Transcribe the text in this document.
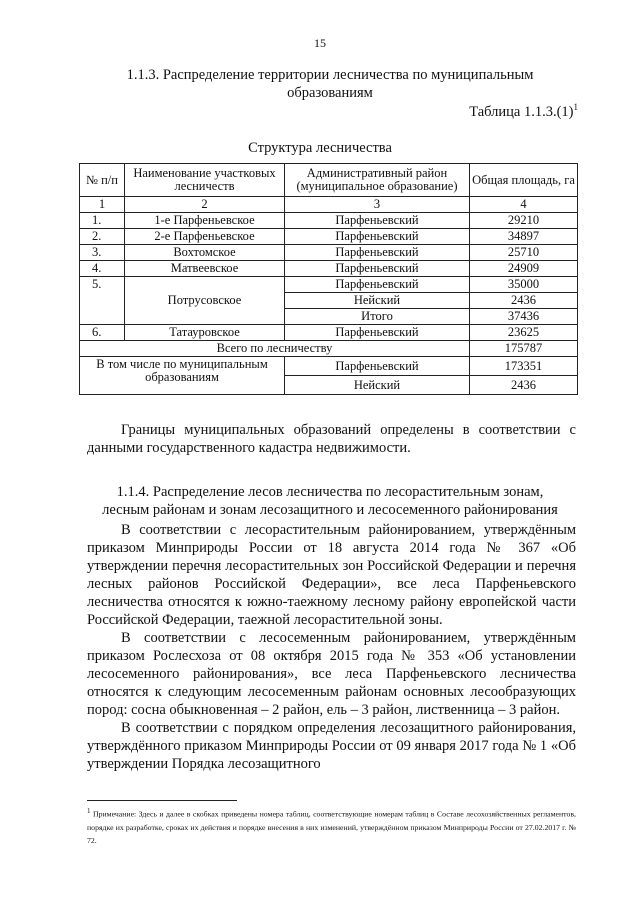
15
1.1.3. Распределение территории лесничества по муниципальным
образованиям
Таблица $1.1.3.(1)^1$
Структура лесничества
№ п/п	Наименование участковых лесничеств	Административный район (муниципальное образование)	Общая площадь, га
1	2	3	4
1.	1-е Парфеньевское	Парфеньевский	29210
2.	2-е Парфеньевское	Парфеньевский	34897
3.	Вохтомское	Парфеньевский	25710
4.	Матвеевское	Парфеньевский	24909
5.	Потрусовское	Парфеньевский	35000
		Нейский	2436
		Итого	37436
6.	Татауровское	Парфеньевский	23625
Всего по лесничеству			175787
В том числе по муниципальным образованиям		Парфеньевский	173351
		Нейский	2436
Границы муниципальных образований определены в соответствии с данными государственного кадастра недвижимости.
1.1.4. Распределение лесов лесничества по лесорастительным зонам,
лесным районам и зонам лесозащитного и лесосеменного районирования

В соответствии с лесорастительным районированием, утверждённым приказом Минприроды России от 18 августа 2014 года № 367 «Об утверждении перечня лесорастительных зон Российской Федерации и перечня лесных районов Российской Федерации», все леса Парфеньевского лесничества относятся к южно-таежному лесному району европейской части Российской Федерации, таежной лесорастительной зоны.

В соответствии с лесосеменным районированием, утверждённым приказом Рослесхоза от 08 октября 2015 года № 353 «Об установлении лесосеменного районирования», все леса Парфеньевского лесничества относятся к следующим лесосеменным районам основных лесообразующих пород: сосна обыкновенная – 2 район, ель – 3 район, лиственница – 3 район.

В соответствии с порядком определения лесозащитного районирования, утверждённого приказом Минприроды России от 09 января 2017 года № 1 «Об утверждении Порядка лесозащитного

$^1$ Примечание: Здесь и далее в скобках приведены номера таблиц, соответствующие номерам таблиц в Составе лесохозяйственных регламентов, порядке их разработке, сроках их действия и порядке внесения в них изменений, утверждённом приказом Минприроды России от 27.02.2017 г. № 72.
